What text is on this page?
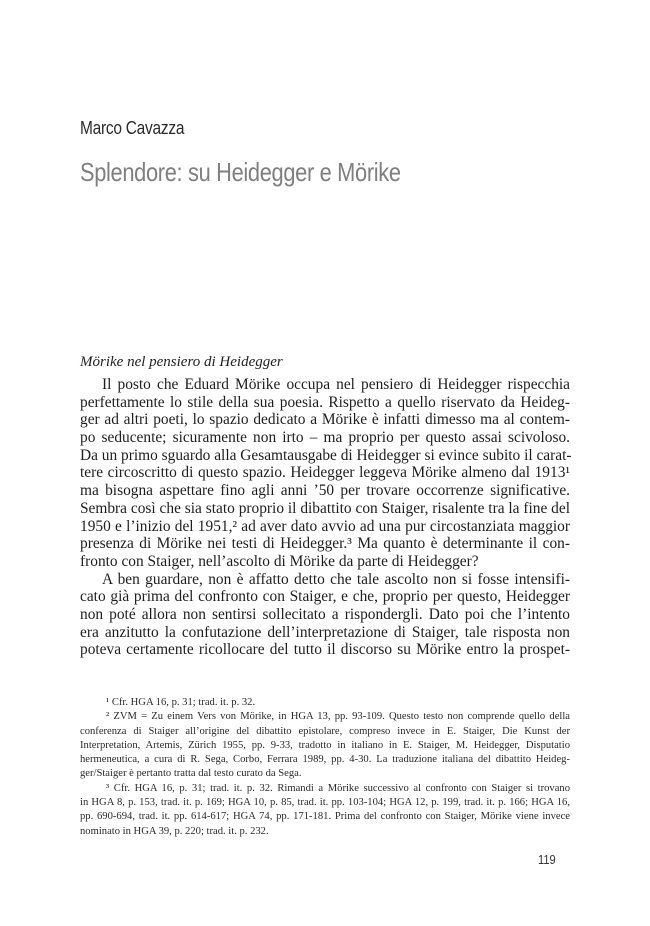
Marco Cavazza
Splendore: su Heidegger e Mörike
Mörike nel pensiero di Heidegger
Il posto che Eduard Mörike occupa nel pensiero di Heidegger rispecchia
perfettamente lo stile della sua poesia. Rispetto a quello riservato da Heideg-
ger ad altri poeti, lo spazio dedicato a Mörike è infatti dimesso ma al contem-
po seducente; sicuramente non irto – ma proprio per questo assai scivoloso.
Da un primo sguardo alla Gesamtausgabe di Heidegger si evince subito il carat-
tere circoscritto di questo spazio. Heidegger leggeva Mörike almeno dal 1913¹
ma bisogna aspettare fino agli anni ’50 per trovare occorrenze significative.
Sembra così che sia stato proprio il dibattito con Staiger, risalente tra la fine del
1950 e l’inizio del 1951,² ad aver dato avvio ad una pur circostanziata maggior
presenza di Mörike nei testi di Heidegger.³ Ma quanto è determinante il con-
fronto con Staiger, nell’ascolto di Mörike da parte di Heidegger?
A ben guardare, non è affatto detto che tale ascolto non si fosse intensifi-
cato già prima del confronto con Staiger, e che, proprio per questo, Heidegger
non poté allora non sentirsi sollecitato a rispondergli. Dato poi che l’intento
era anzitutto la confutazione dell’interpretazione di Staiger, tale risposta non
poteva certamente ricollocare del tutto il discorso su Mörike entro la prospet-
¹ Cfr. HGA 16, p. 31; trad. it. p. 32.
² ZVM = Zu einem Vers von Mörike, in HGA 13, pp. 93-109. Questo testo non comprende quello della
conferenza di Staiger all’origine del dibattito epistolare, compreso invece in E. Staiger, Die Kunst der
Interpretation, Artemis, Zürich 1955, pp. 9-33, tradotto in italiano in E. Staiger, M. Heidegger, Disputatio
hermeneutica, a cura di R. Sega, Corbo, Ferrara 1989, pp. 4-30. La traduzione italiana del dibattito Heideg-
ger/Staiger è pertanto tratta dal testo curato da Sega.
³ Cfr. HGA 16, p. 31; trad. it. p. 32. Rimandi a Mörike successivo al confronto con Staiger si trovano
in HGA 8, p. 153, trad. it. p. 169; HGA 10, p. 85, trad. it. pp. 103-104; HGA 12, p. 199, trad. it. p. 166; HGA 16,
pp. 690-694, trad. it. pp. 614-617; HGA 74, pp. 171-181. Prima del confronto con Staiger, Mörike viene invece
nominato in HGA 39, p. 220; trad. it. p. 232.
119
